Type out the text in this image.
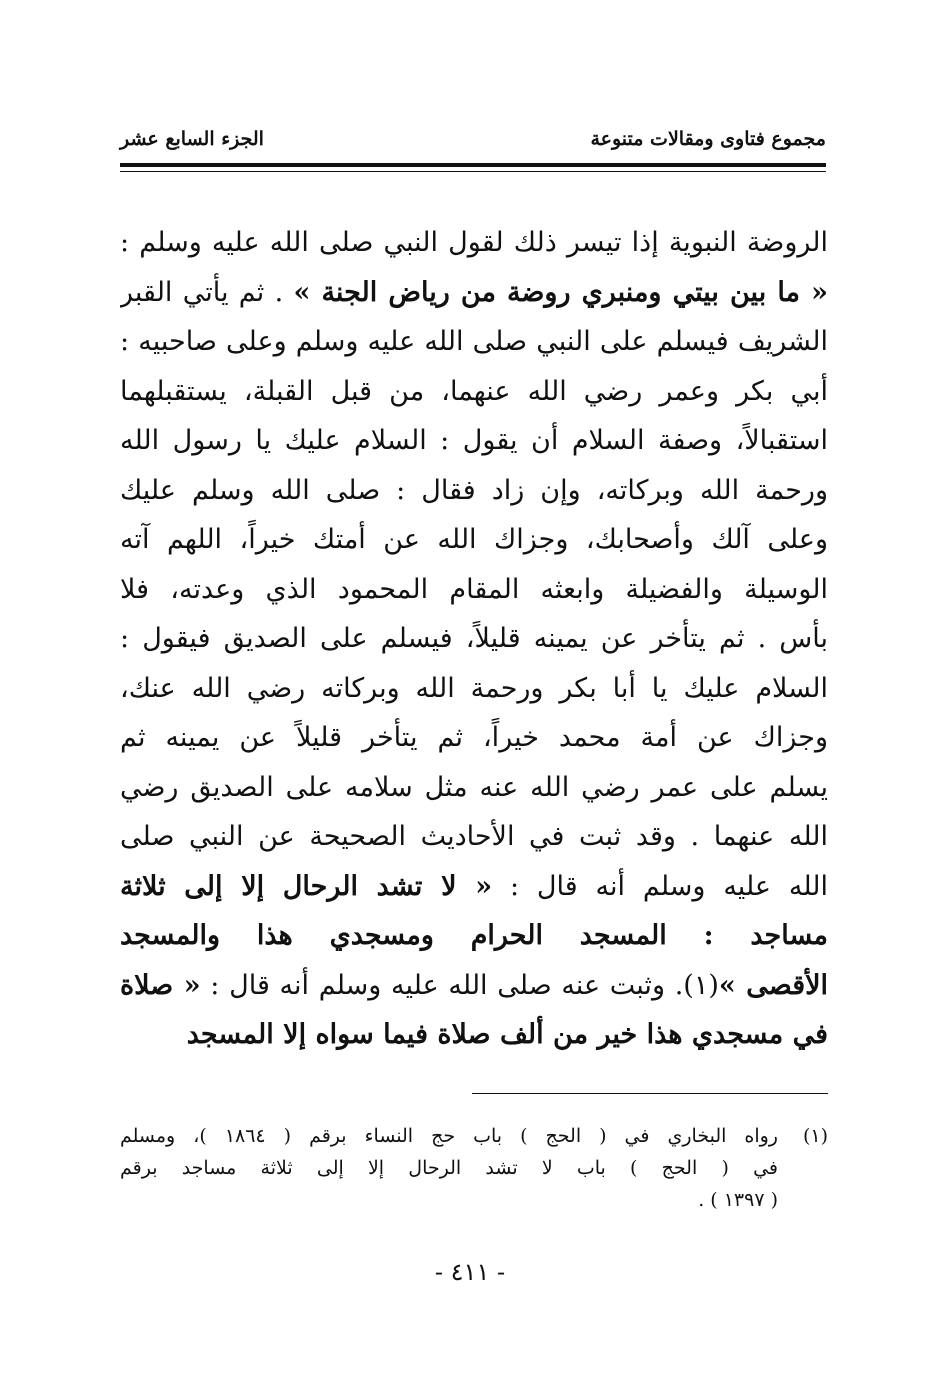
مجموع فتاوى ومقالات متنوعة
الجزء السابع عشر
الروضة النبوية إذا تيسر ذلك لقول النبي صلى الله عليه وسلم :
« ما بين بيتي ومنبري روضة من رياض الجنة » . ثم يأتي القبر
الشريف فيسلم على النبي صلى الله عليه وسلم وعلى صاحبيه :
أبي بكر وعمر رضي الله عنهما، من قبل القبلة، يستقبلهما
استقبالاً، وصفة السلام أن يقول : السلام عليك يا رسول الله
ورحمة الله وبركاته، وإن زاد فقال : صلى الله وسلم عليك
وعلى آلك وأصحابك، وجزاك الله عن أمتك خيراً، اللهم آته
الوسيلة والفضيلة وابعثه المقام المحمود الذي وعدته، فلا
بأس . ثم يتأخر عن يمينه قليلاً، فيسلم على الصديق فيقول :
السلام عليك يا أبا بكر ورحمة الله وبركاته رضي الله عنك،
وجزاك عن أمة محمد خيراً، ثم يتأخر قليلاً عن يمينه ثم
يسلم على عمر رضي الله عنه مثل سلامه على الصديق رضي
الله عنهما . وقد ثبت في الأحاديث الصحيحة عن النبي صلى
الله عليه وسلم أنه قال : « لا تشد الرحال إلا إلى ثلاثة
مساجد : المسجد الحرام ومسجدي هذا والمسجد
الأقصى »(١). وثبت عنه صلى الله عليه وسلم أنه قال : « صلاة
في مسجدي هذا خير من ألف صلاة فيما سواه إلا المسجد
(١)
رواه البخاري في ( الحج ) باب حج النساء برقم ( ١٨٦٤ )، ومسلم
في ( الحج ) باب لا تشد الرحال إلا إلى ثلاثة مساجد برقم
( ١٣٩٧ ) .
- ٤١١ -
